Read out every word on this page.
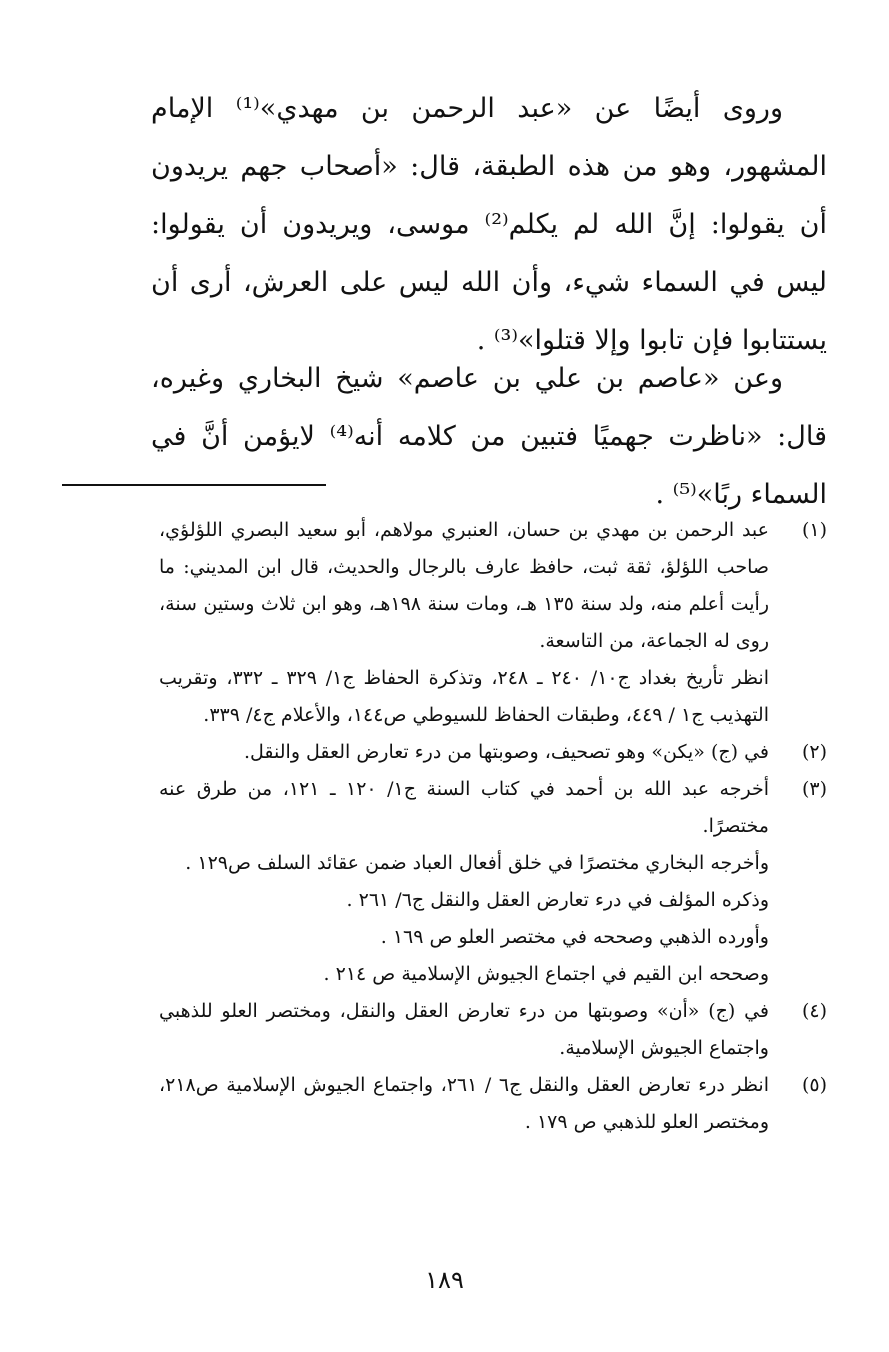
وروى أيضًا عن «عبد الرحمن بن مهدي»⁽¹⁾ الإمام المشهور، وهو من هذه الطبقة، قال: «أصحاب جهم يريدون أن يقولوا: إنَّ الله لم يكلم⁽²⁾ موسى، ويريدون أن يقولوا: ليس في السماء شيء، وأن الله ليس على العرش، أرى أن يستتابوا فإن تابوا وإلا قتلوا»⁽³⁾ .

وعن «عاصم بن علي بن عاصم» شيخ البخاري وغيره، قال: «ناظرت جهميًا فتبين من كلامه أنه⁽⁴⁾ لايؤمن أنَّ في السماء ربًا»⁽⁵⁾ .

(١)

عبد الرحمن بن مهدي بن حسان، العنبري مولاهم، أبو سعيد البصري اللؤلؤي، صاحب اللؤلؤ، ثقة ثبت، حافظ عارف بالرجال والحديث، قال ابن المديني: ما رأيت أعلم منه، ولد سنة ١٣٥ هـ، ومات سنة ١٩٨هـ، وهو ابن ثلاث وستين سنة، روى له الجماعة، من التاسعة.

انظر تأريخ بغداد ج١٠/ ٢٤٠ ـ ٢٤٨، وتذكرة الحفاظ ج١/ ٣٢٩ ـ ٣٣٢، وتقريب التهذيب ج١ / ٤٤٩، وطبقات الحفاظ للسيوطي ص١٤٤، والأعلام ج٤/ ٣٣٩.

(٢)

في (ج) «يكن» وهو تصحيف، وصوبتها من درء تعارض العقل والنقل.

(٣)

أخرجه عبد الله بن أحمد في كتاب السنة ج١/ ١٢٠ ـ ١٢١، من طرق عنه مختصرًا.

وأخرجه البخاري مختصرًا في خلق أفعال العباد ضمن عقائد السلف ص١٢٩ .

وذكره المؤلف في درء تعارض العقل والنقل ج٦/ ٢٦١ .

وأورده الذهبي وصححه في مختصر العلو ص ١٦٩ .

وصححه ابن القيم في اجتماع الجيوش الإسلامية ص ٢١٤ .

(٤)

في (ج) «أن» وصوبتها من درء تعارض العقل والنقل، ومختصر العلو للذهبي واجتماع الجيوش الإسلامية.

(٥)

انظر درء تعارض العقل والنقل ج٦ / ٢٦١، واجتماع الجيوش الإسلامية ص٢١٨، ومختصر العلو للذهبي ص ١٧٩ .

١٨٩
